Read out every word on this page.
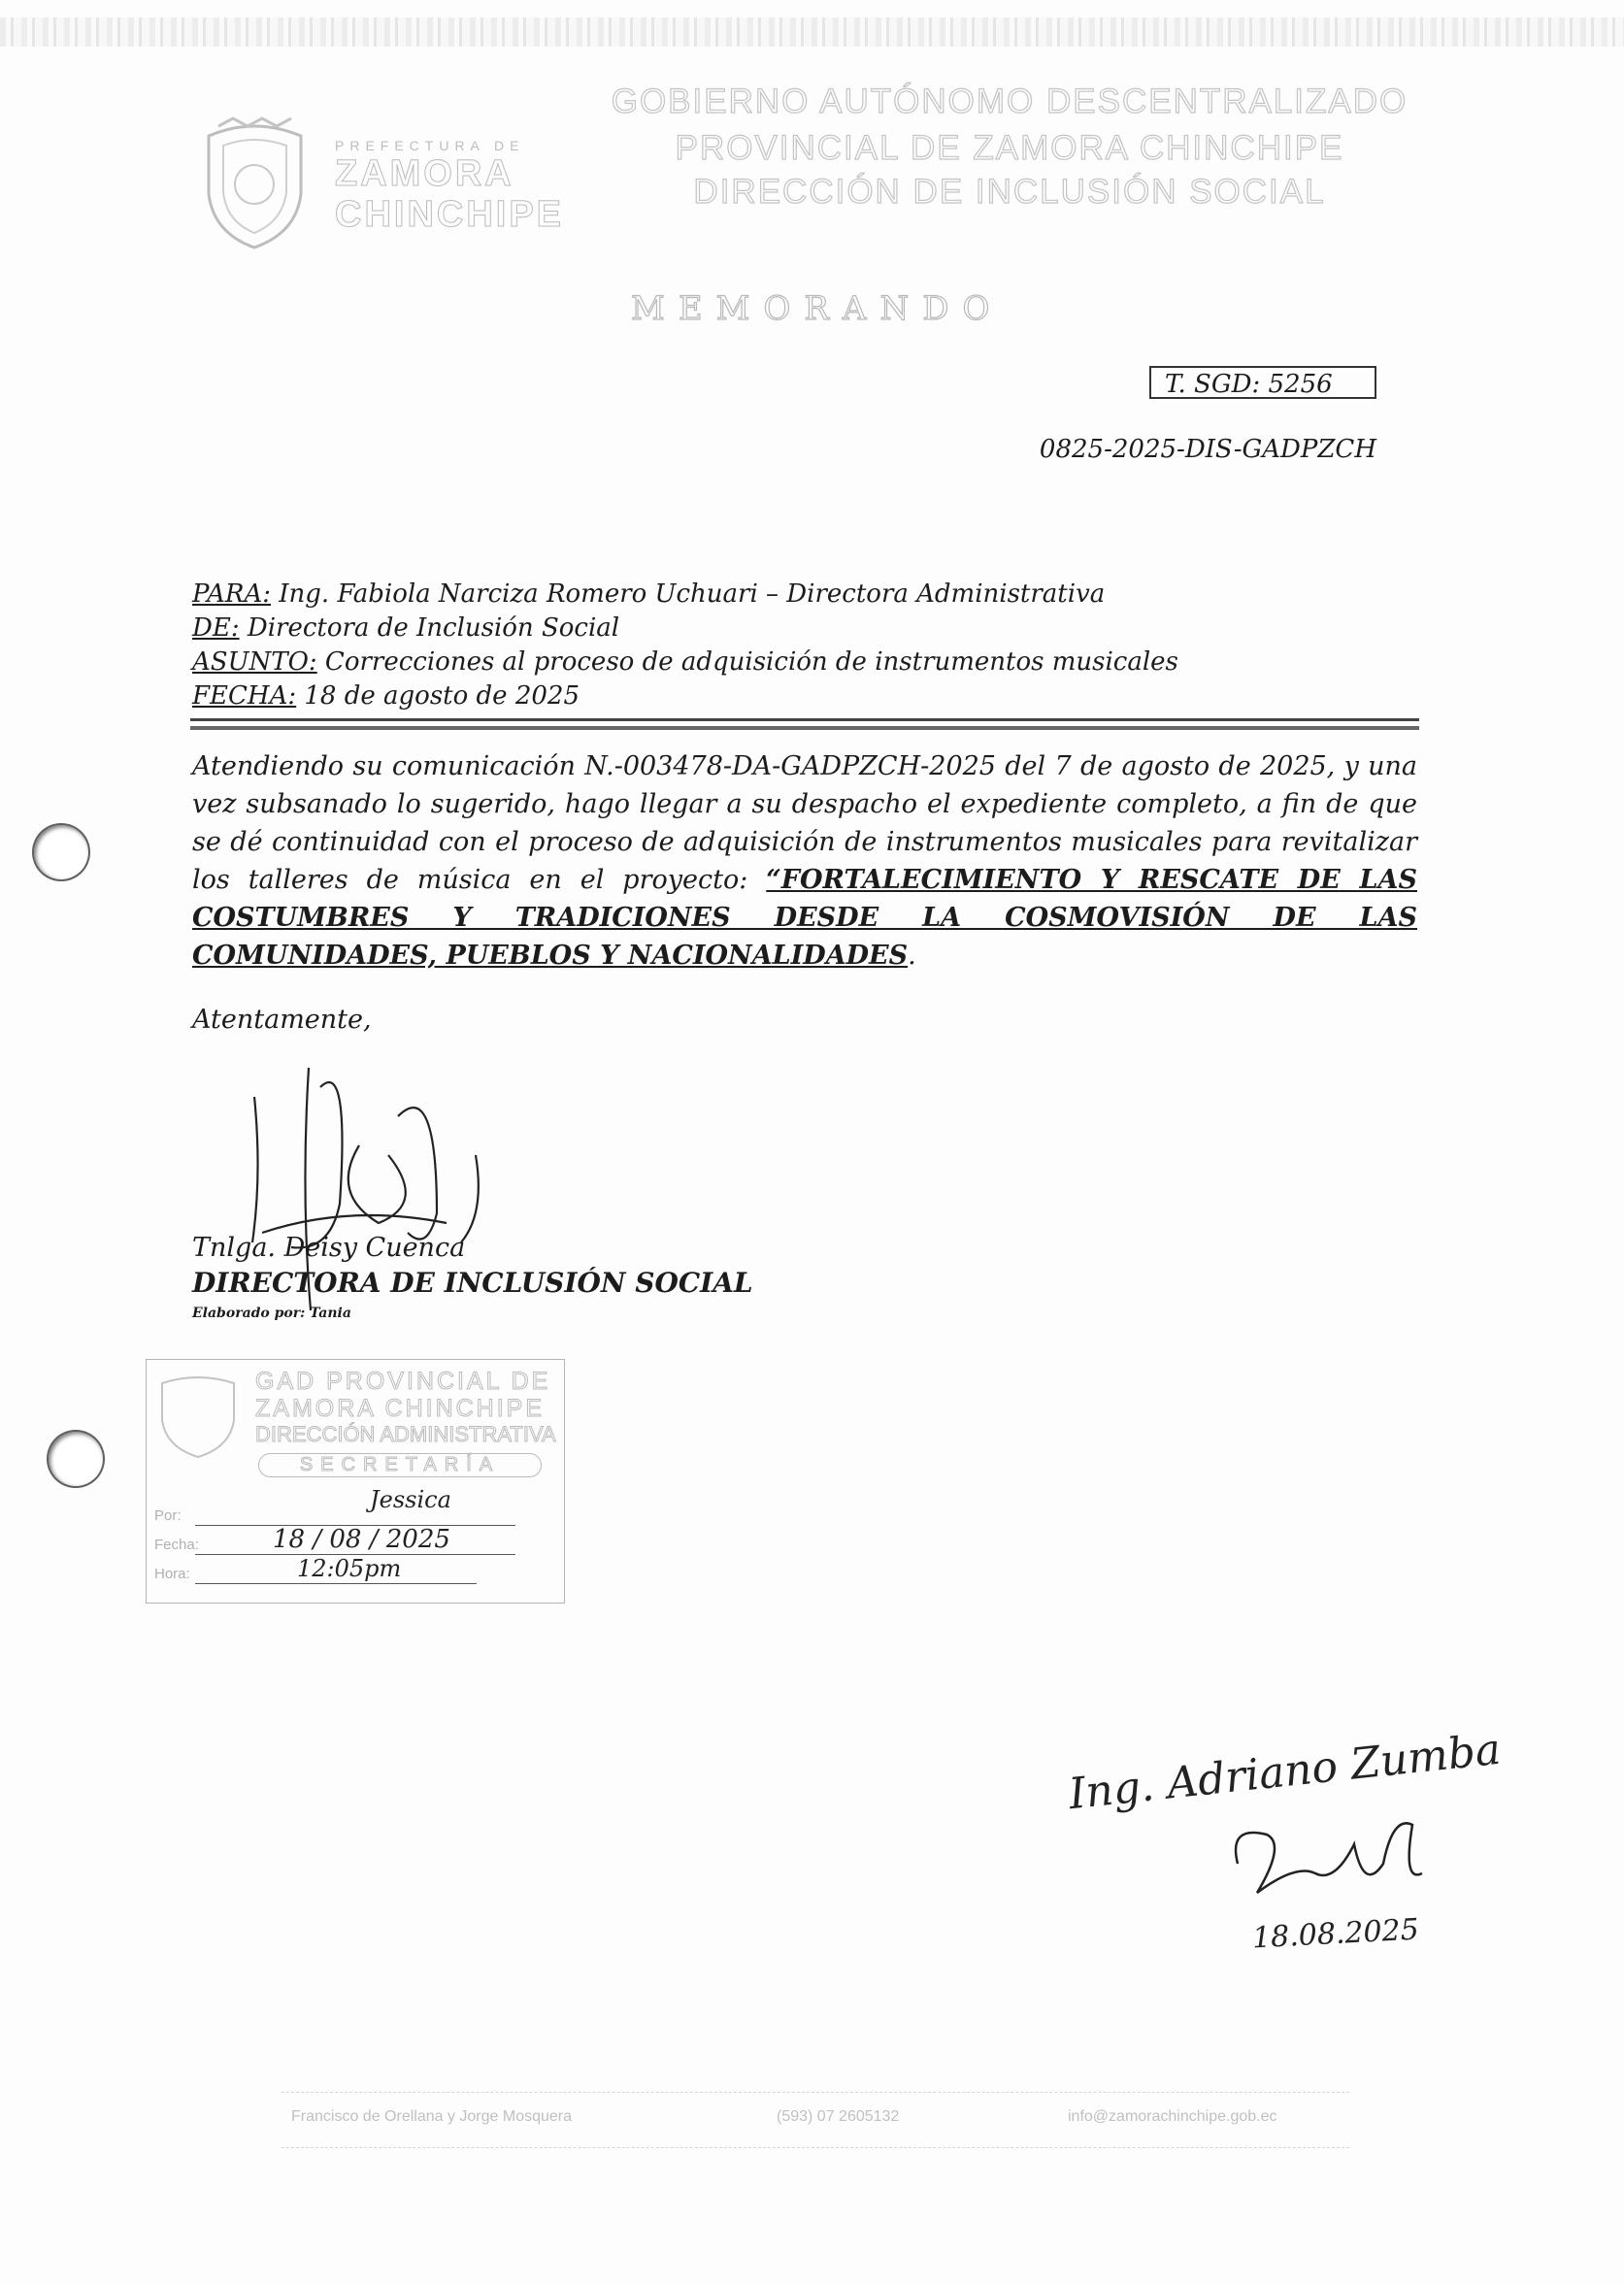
PREFECTURA DE
ZAMORA
CHINCHIPE
GOBIERNO AUTÓNOMO DESCENTRALIZADO
PROVINCIAL DE ZAMORA CHINCHIPE
DIRECCIÓN DE INCLUSIÓN SOCIAL
MEMORANDO
T. SGD: 5256
0825-2025-DIS-GADPZCH
PARA: Ing. Fabiola Narciza Romero Uchuari – Directora Administrativa
DE: Directora de Inclusión Social
ASUNTO: Correcciones al proceso de adquisición de instrumentos musicales
FECHA: 18 de agosto de 2025
Atendiendo su comunicación N.-003478-DA-GADPZCH-2025 del 7 de agosto de 2025, y una vez subsanado lo sugerido, hago llegar a su despacho el expediente completo, a fin de que se dé continuidad con el proceso de adquisición de instrumentos musicales para revitalizar los talleres de música en el proyecto: “FORTALECIMIENTO Y RESCATE DE LAS COSTUMBRES Y TRADICIONES DESDE LA COSMOVISIÓN DE LAS COMUNIDADES, PUEBLOS Y NACIONALIDADES.
Atentamente,
Tnlga. Deisy Cuenca
DIRECTORA DE INCLUSIÓN SOCIAL
Elaborado por: Tania
GAD PROVINCIAL DE
ZAMORA CHINCHIPE
DIRECCIÓN ADMINISTRATIVA
SECRETARÍA
Por:
Fecha:
Hora:
Jessica
18 / 08 / 2025
12:05pm
Ing. Adriano Zumba
18.08.2025
Francisco de Orellana y Jorge Mosquera	(593) 07 2605132	info@zamorachinchipe.gob.ec
